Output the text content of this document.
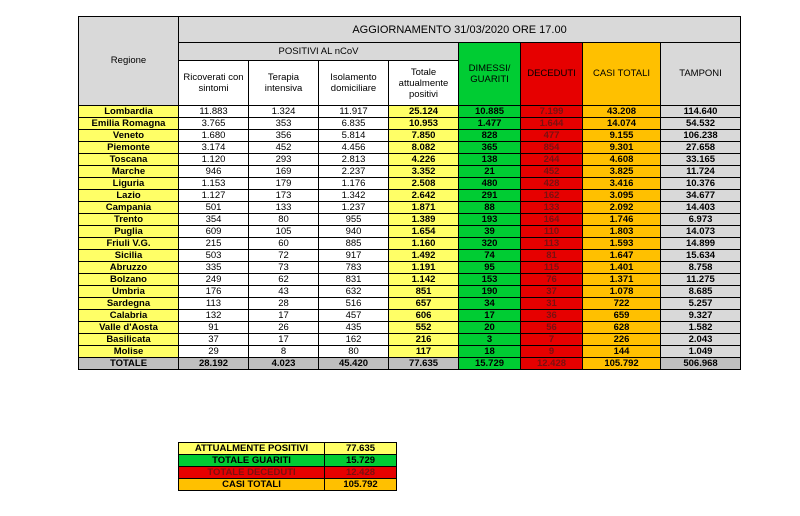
Regione	AGGIORNAMENTO 31/03/2020 ORE 17.00							
	POSITIVI AL nCoV				DIMESSI/ GUARITI	DECEDUTI	CASI TOTALI	TAMPONI
	Ricoverati con sintomi	Terapia intensiva	Isolamento domiciliare	Totale attualmente positivi				
Lombardia	11.883	1.324	11.917	25.124	10.885	7.199	43.208	114.640
Emilia Romagna	3.765	353	6.835	10.953	1.477	1.644	14.074	54.532
Veneto	1.680	356	5.814	7.850	828	477	9.155	106.238
Piemonte	3.174	452	4.456	8.082	365	854	9.301	27.658
Toscana	1.120	293	2.813	4.226	138	244	4.608	33.165
Marche	946	169	2.237	3.352	21	452	3.825	11.724
Liguria	1.153	179	1.176	2.508	480	428	3.416	10.376
Lazio	1.127	173	1.342	2.642	291	162	3.095	34.677
Campania	501	133	1.237	1.871	88	133	2.092	14.403
Trento	354	80	955	1.389	193	164	1.746	6.973
Puglia	609	105	940	1.654	39	110	1.803	14.073
Friuli V.G.	215	60	885	1.160	320	113	1.593	14.899
Sicilia	503	72	917	1.492	74	81	1.647	15.634
Abruzzo	335	73	783	1.191	95	115	1.401	8.758
Bolzano	249	62	831	1.142	153	76	1.371	11.275
Umbria	176	43	632	851	190	37	1.078	8.685
Sardegna	113	28	516	657	34	31	722	5.257
Calabria	132	17	457	606	17	36	659	9.327
Valle d'Aosta	91	26	435	552	20	56	628	1.582
Basilicata	37	17	162	216	3	7	226	2.043
Molise	29	8	80	117	18	9	144	1.049
TOTALE	28.192	4.023	45.420	77.635	15.729	12.428	105.792	506.968
ATTUALMENTE POSITIVI	77.635
TOTALE GUARITI	15.729
TOTALE DECEDUTI	12.428
CASI TOTALI	105.792
